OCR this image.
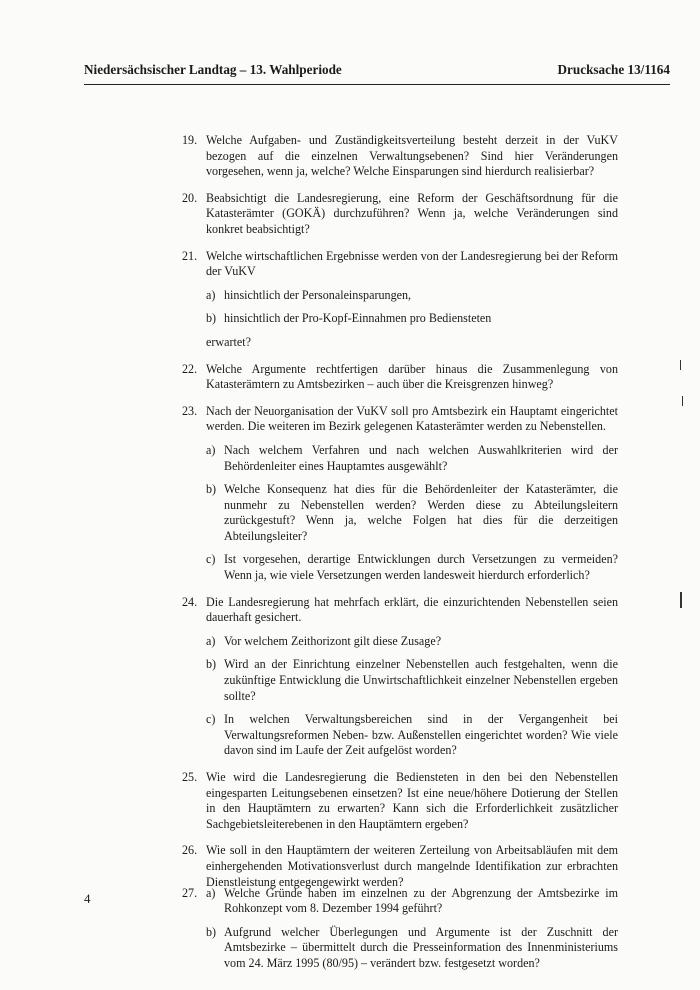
Niedersächsischer Landtag – 13. Wahlperiode	Drucksache 13/1164
19. Welche Aufgaben- und Zuständigkeitsverteilung besteht derzeit in der VuKV bezogen auf die einzelnen Verwaltungsebenen? Sind hier Veränderungen vorgesehen, wenn ja, welche? Welche Einsparungen sind hierdurch realisierbar?
20. Beabsichtigt die Landesregierung, eine Reform der Geschäftsordnung für die Katasterämter (GOKÄ) durchzuführen? Wenn ja, welche Veränderungen sind konkret beabsichtigt?
21. Welche wirtschaftlichen Ergebnisse werden von der Landesregierung bei der Reform der VuKV
a) hinsichtlich der Personaleinsparungen,
b) hinsichtlich der Pro-Kopf-Einnahmen pro Bediensteten
erwartet?
22. Welche Argumente rechtfertigen darüber hinaus die Zusammenlegung von Katasterämtern zu Amtsbezirken – auch über die Kreisgrenzen hinweg?
23. Nach der Neuorganisation der VuKV soll pro Amtsbezirk ein Hauptamt eingerichtet werden. Die weiteren im Bezirk gelegenen Katasterämter werden zu Nebenstellen.
a) Nach welchem Verfahren und nach welchen Auswahlkriterien wird der Behördenleiter eines Hauptamtes ausgewählt?
b) Welche Konsequenz hat dies für die Behördenleiter der Katasterämter, die nunmehr zu Nebenstellen werden? Werden diese zu Abteilungsleitern zurückgestuft? Wenn ja, welche Folgen hat dies für die derzeitigen Abteilungsleiter?
c) Ist vorgesehen, derartige Entwicklungen durch Versetzungen zu vermeiden? Wenn ja, wie viele Versetzungen werden landesweit hierdurch erforderlich?
24. Die Landesregierung hat mehrfach erklärt, die einzurichtenden Nebenstellen seien dauerhaft gesichert.
a) Vor welchem Zeithorizont gilt diese Zusage?
b) Wird an der Einrichtung einzelner Nebenstellen auch festgehalten, wenn die zukünftige Entwicklung die Unwirtschaftlichkeit einzelner Nebenstellen ergeben sollte?
c) In welchen Verwaltungsbereichen sind in der Vergangenheit bei Verwaltungsreformen Neben- bzw. Außenstellen eingerichtet worden? Wie viele davon sind im Laufe der Zeit aufgelöst worden?
25. Wie wird die Landesregierung die Bediensteten in den bei den Nebenstellen eingesparten Leitungsebenen einsetzen? Ist eine neue/höhere Dotierung der Stellen in den Hauptämtern zu erwarten? Kann sich die Erforderlichkeit zusätzlicher Sachgebietsleiterebenen in den Hauptämtern ergeben?
26. Wie soll in den Hauptämtern der weiteren Zerteilung von Arbeitsabläufen mit dem einhergehenden Motivationsverlust durch mangelnde Identifikation zur erbrachten Dienstleistung entgegengewirkt werden?
27. a) Welche Gründe haben im einzelnen zu der Abgrenzung der Amtsbezirke im Rohkonzept vom 8. Dezember 1994 geführt?
b) Aufgrund welcher Überlegungen und Argumente ist der Zuschnitt der Amtsbezirke – übermittelt durch die Presseinformation des Innenministeriums vom 24. März 1995 (80/95) – verändert bzw. festgesetzt worden?
4
